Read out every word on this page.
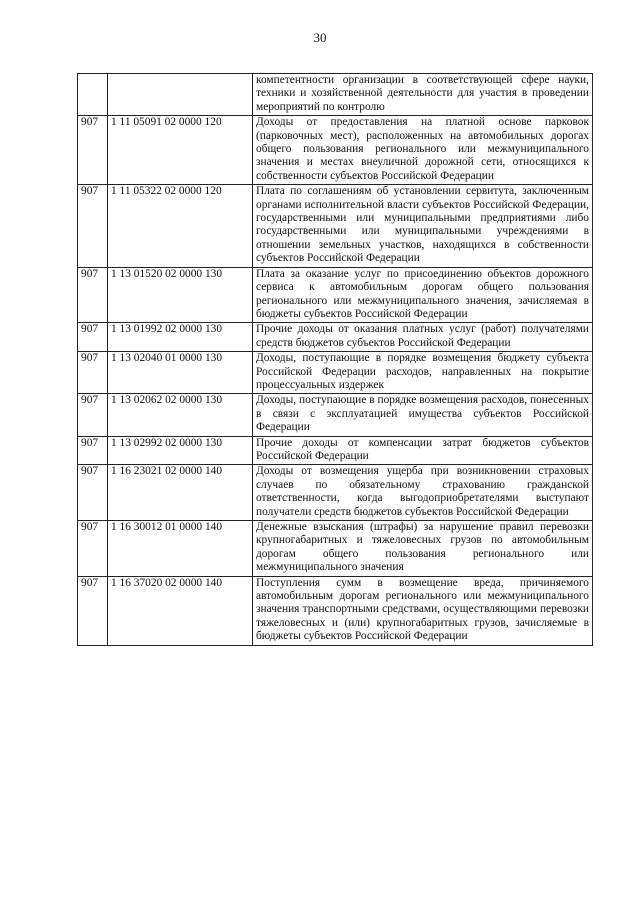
30
		компетентности организации в соответствующей сфере науки, техники и хозяйственной деятельности для участия в проведении мероприятий по контролю
907	1 11 05091 02 0000 120	Доходы от предоставления на платной основе парковок (парковочных мест), расположенных на автомобильных дорогах общего пользования регионального или межмуниципального значения и местах внеуличной дорожной сети, относящихся к собственности субъектов Российской Федерации
907	1 11 05322 02 0000 120	Плата по соглашениям об установлении сервитута, заключенным органами исполнительной власти субъектов Российской Федерации, государственными или муниципальными предприятиями либо государственными или муниципальными учреждениями в отношении земельных участков, находящихся в собственности субъектов Российской Федерации
907	1 13 01520 02 0000 130	Плата за оказание услуг по присоединению объектов дорожного сервиса к автомобильным дорогам общего пользования регионального или межмуниципального значения, зачисляемая в бюджеты субъектов Российской Федерации
907	1 13 01992 02 0000 130	Прочие доходы от оказания платных услуг (работ) получателями средств бюджетов субъектов Российской Федерации
907	1 13 02040 01 0000 130	Доходы, поступающие в порядке возмещения бюджету субъекта Российской Федерации расходов, направленных на покрытие процессуальных издержек
907	1 13 02062 02 0000 130	Доходы, поступающие в порядке возмещения расходов, понесенных в связи с эксплуатацией имущества субъектов Российской Федерации
907	1 13 02992 02 0000 130	Прочие доходы от компенсации затрат бюджетов субъектов Российской Федерации
907	1 16 23021 02 0000 140	Доходы от возмещения ущерба при возникновении страховых случаев по обязательному страхованию гражданской ответственности, когда выгодоприобретателями выступают получатели средств бюджетов субъектов Российской Федерации
907	1 16 30012 01 0000 140	Денежные взыскания (штрафы) за нарушение правил перевозки крупногабаритных и тяжеловесных грузов по автомобильным дорогам общего пользования регионального или межмуниципального значения
907	1 16 37020 02 0000 140	Поступления сумм в возмещение вреда, причиняемого автомобильным дорогам регионального или межмуниципального значения транспортными средствами, осуществляющими перевозки тяжеловесных и (или) крупногабаритных грузов, зачисляемые в бюджеты субъектов Российской Федерации
